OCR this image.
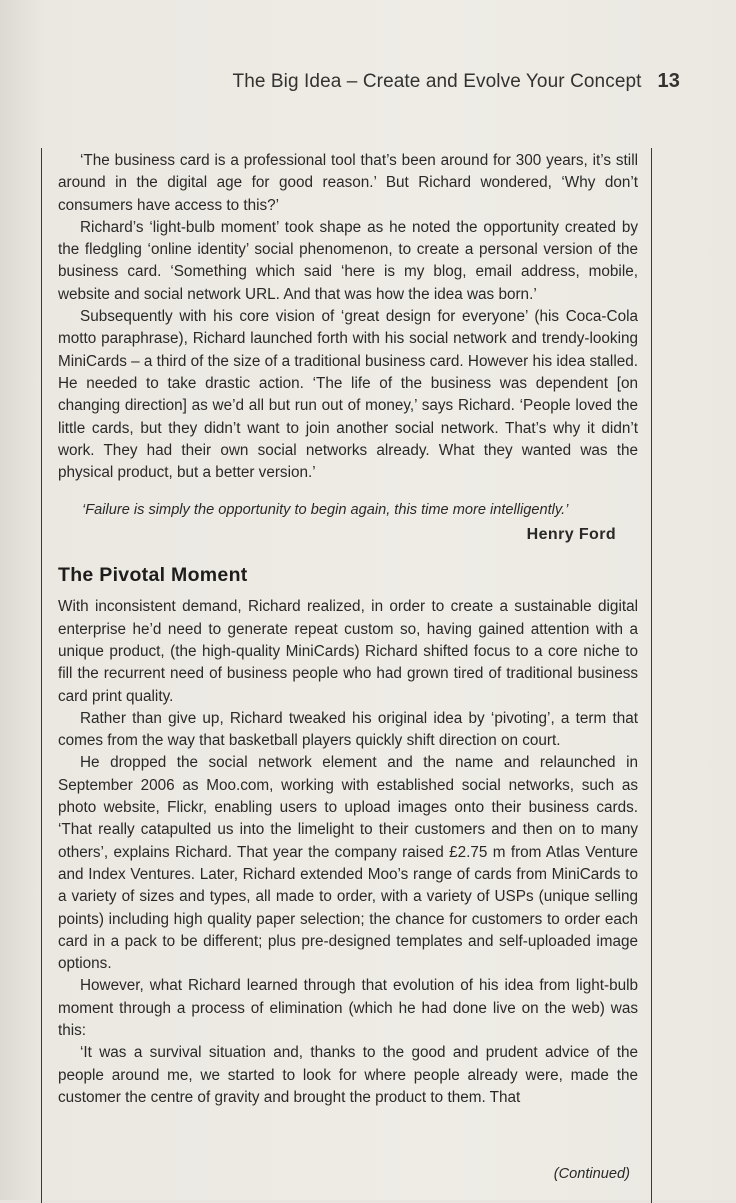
The Big Idea – Create and Evolve Your Concept 13

‘The business card is a professional tool that’s been around for 300 years, it’s still around in the digital age for good reason.’ But Richard wondered, ‘Why don’t consumers have access to this?’

Richard’s ‘light-bulb moment’ took shape as he noted the opportunity created by the fledgling ‘online identity’ social phenomenon, to create a personal version of the business card. ‘Something which said ‘here is my blog, email address, mobile, website and social network URL. And that was how the idea was born.’

Subsequently with his core vision of ‘great design for everyone’ (his Coca-Cola motto paraphrase), Richard launched forth with his social network and trendy-looking MiniCards – a third of the size of a traditional business card. However his idea stalled. He needed to take drastic action. ‘The life of the business was dependent [on changing direction] as we’d all but run out of money,’ says Richard. ‘People loved the little cards, but they didn’t want to join another social network. That’s why it didn’t work. They had their own social networks already. What they wanted was the physical product, but a better version.’

‘Failure is simply the opportunity to begin again, this time more intelligently.’
Henry Ford
The Pivotal Moment

With inconsistent demand, Richard realized, in order to create a sustainable digital enterprise he’d need to generate repeat custom so, having gained attention with a unique product, (the high-quality MiniCards) Richard shifted focus to a core niche to fill the recurrent need of business people who had grown tired of traditional business card print quality.

Rather than give up, Richard tweaked his original idea by ‘pivoting’, a term that comes from the way that basketball players quickly shift direction on court.

He dropped the social network element and the name and relaunched in September 2006 as Moo.com, working with established social networks, such as photo website, Flickr, enabling users to upload images onto their business cards. ‘That really catapulted us into the limelight to their customers and then on to many others’, explains Richard. That year the company raised £2.75 m from Atlas Venture and Index Ventures. Later, Richard extended Moo’s range of cards from MiniCards to a variety of sizes and types, all made to order, with a variety of USPs (unique selling points) including high quality paper selection; the chance for customers to order each card in a pack to be different; plus pre-designed templates and self-uploaded image options.

However, what Richard learned through that evolution of his idea from light-bulb moment through a process of elimination (which he had done live on the web) was this:

‘It was a survival situation and, thanks to the good and prudent advice of the people around me, we started to look for where people already were, made the customer the centre of gravity and brought the product to them. That

(Continued)
